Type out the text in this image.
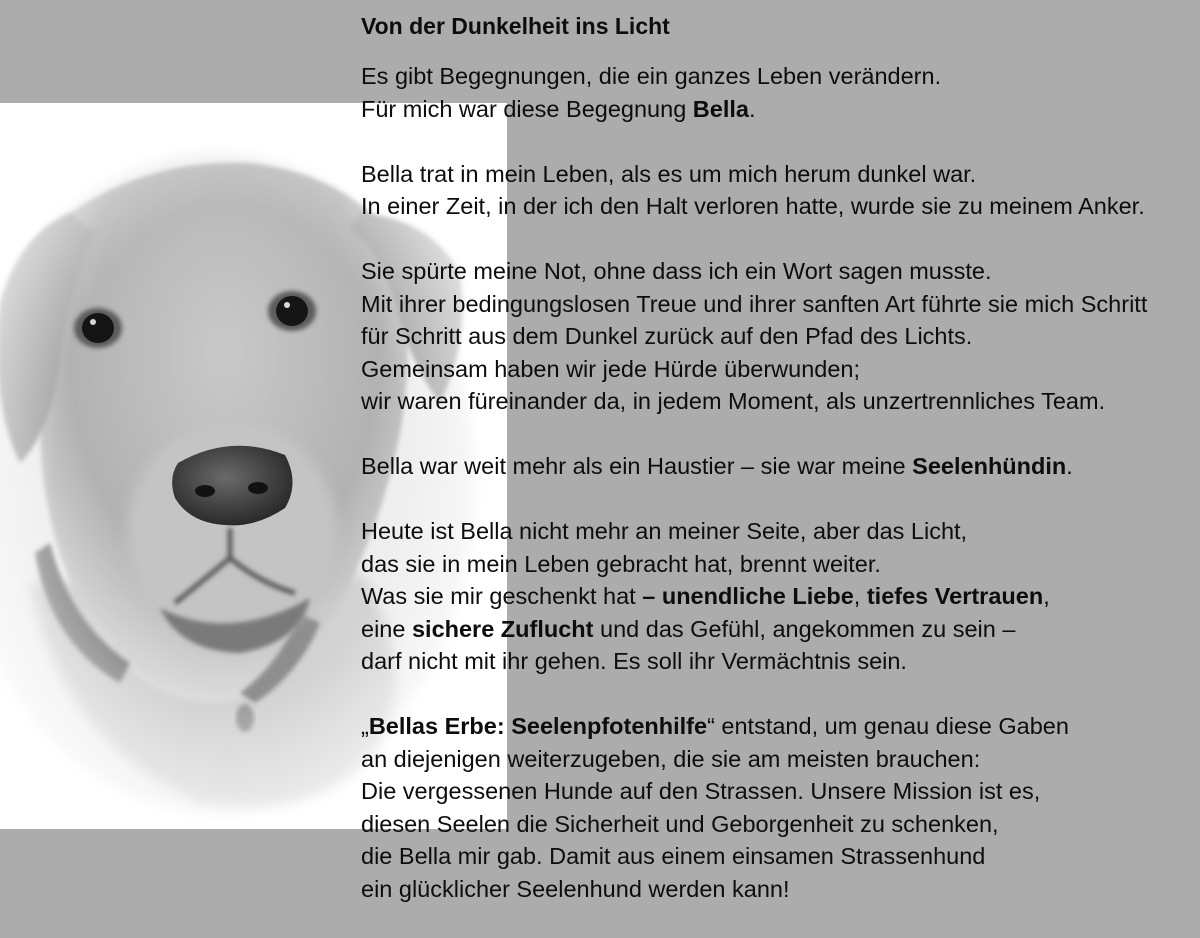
Von der Dunkelheit ins Licht
Es gibt Begegnungen, die ein ganzes Leben verändern.
Für mich war diese Begegnung Bella.
Bella trat in mein Leben, als es um mich herum dunkel war.
In einer Zeit, in der ich den Halt verloren hatte, wurde sie zu meinem Anker.
Sie spürte meine Not, ohne dass ich ein Wort sagen musste.
Mit ihrer bedingungslosen Treue und ihrer sanften Art führte sie mich Schritt
für Schritt aus dem Dunkel zurück auf den Pfad des Lichts.
Gemeinsam haben wir jede Hürde überwunden;
wir waren füreinander da, in jedem Moment, als unzertrennliches Team.
Bella war weit mehr als ein Haustier – sie war meine Seelenhündin.
Heute ist Bella nicht mehr an meiner Seite, aber das Licht,
das sie in mein Leben gebracht hat, brennt weiter.
Was sie mir geschenkt hat – unendliche Liebe, tiefes Vertrauen,
eine sichere Zuflucht und das Gefühl, angekommen zu sein –
darf nicht mit ihr gehen. Es soll ihr Vermächtnis sein.
„Bellas Erbe: Seelenpfotenhilfe“ entstand, um genau diese Gaben
an diejenigen weiterzugeben, die sie am meisten brauchen:
Die vergessenen Hunde auf den Strassen. Unsere Mission ist es,
diesen Seelen die Sicherheit und Geborgenheit zu schenken,
die Bella mir gab. Damit aus einem einsamen Strassenhund
ein glücklicher Seelenhund werden kann!
